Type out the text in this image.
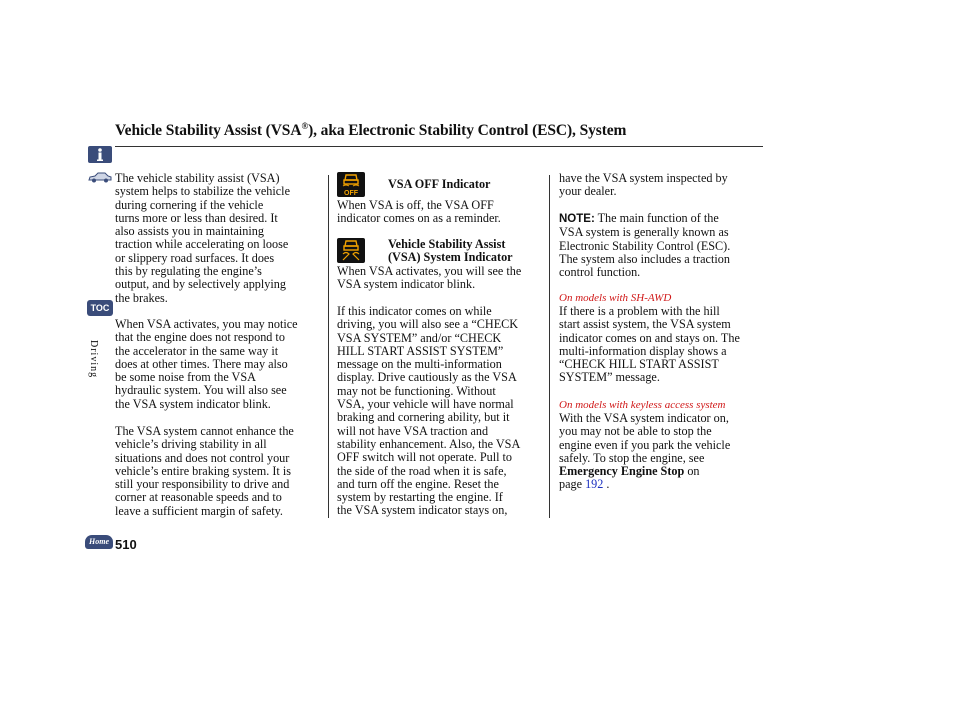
Vehicle Stability Assist (VSA®), aka Electronic Stability Control (ESC), System
TOC
Driving
Home 510
The vehicle stability assist (VSA)
system helps to stabilize the vehicle
during cornering if the vehicle
turns more or less than desired. It
also assists you in maintaining
traction while accelerating on loose
or slippery road surfaces. It does
this by regulating the engine’s
output, and by selectively applying
the brakes.
When VSA activates, you may notice
that the engine does not respond to
the accelerator in the same way it
does at other times. There may also
be some noise from the VSA
hydraulic system. You will also see
the VSA system indicator blink.
The VSA system cannot enhance the
vehicle’s driving stability in all
situations and does not control your
vehicle’s entire braking system. It is
still your responsibility to drive and
corner at reasonable speeds and to
leave a sufficient margin of safety.
OFF
VSA OFF Indicator
When VSA is off, the VSA OFF
indicator comes on as a reminder.
Vehicle Stability Assist
(VSA) System Indicator
When VSA activates, you will see the
VSA system indicator blink.
If this indicator comes on while
driving, you will also see a “CHECK
VSA SYSTEM” and/or “CHECK
HILL START ASSIST SYSTEM”
message on the multi-information
display. Drive cautiously as the VSA
may not be functioning. Without
VSA, your vehicle will have normal
braking and cornering ability, but it
will not have VSA traction and
stability enhancement. Also, the VSA
OFF switch will not operate. Pull to
the side of the road when it is safe,
and turn off the engine. Reset the
system by restarting the engine. If
the VSA system indicator stays on,
have the VSA system inspected by
your dealer.
NOTE: The main function of the
VSA system is generally known as
Electronic Stability Control (ESC).
The system also includes a traction
control function.
On models with SH-AWD
If there is a problem with the hill
start assist system, the VSA system
indicator comes on and stays on. The
multi-information display shows a
“CHECK HILL START ASSIST
SYSTEM” message.
On models with keyless access system
With the VSA system indicator on,
you may not be able to stop the
engine even if you park the vehicle
safely. To stop the engine, see
Emergency Engine Stop on
page 192 .
